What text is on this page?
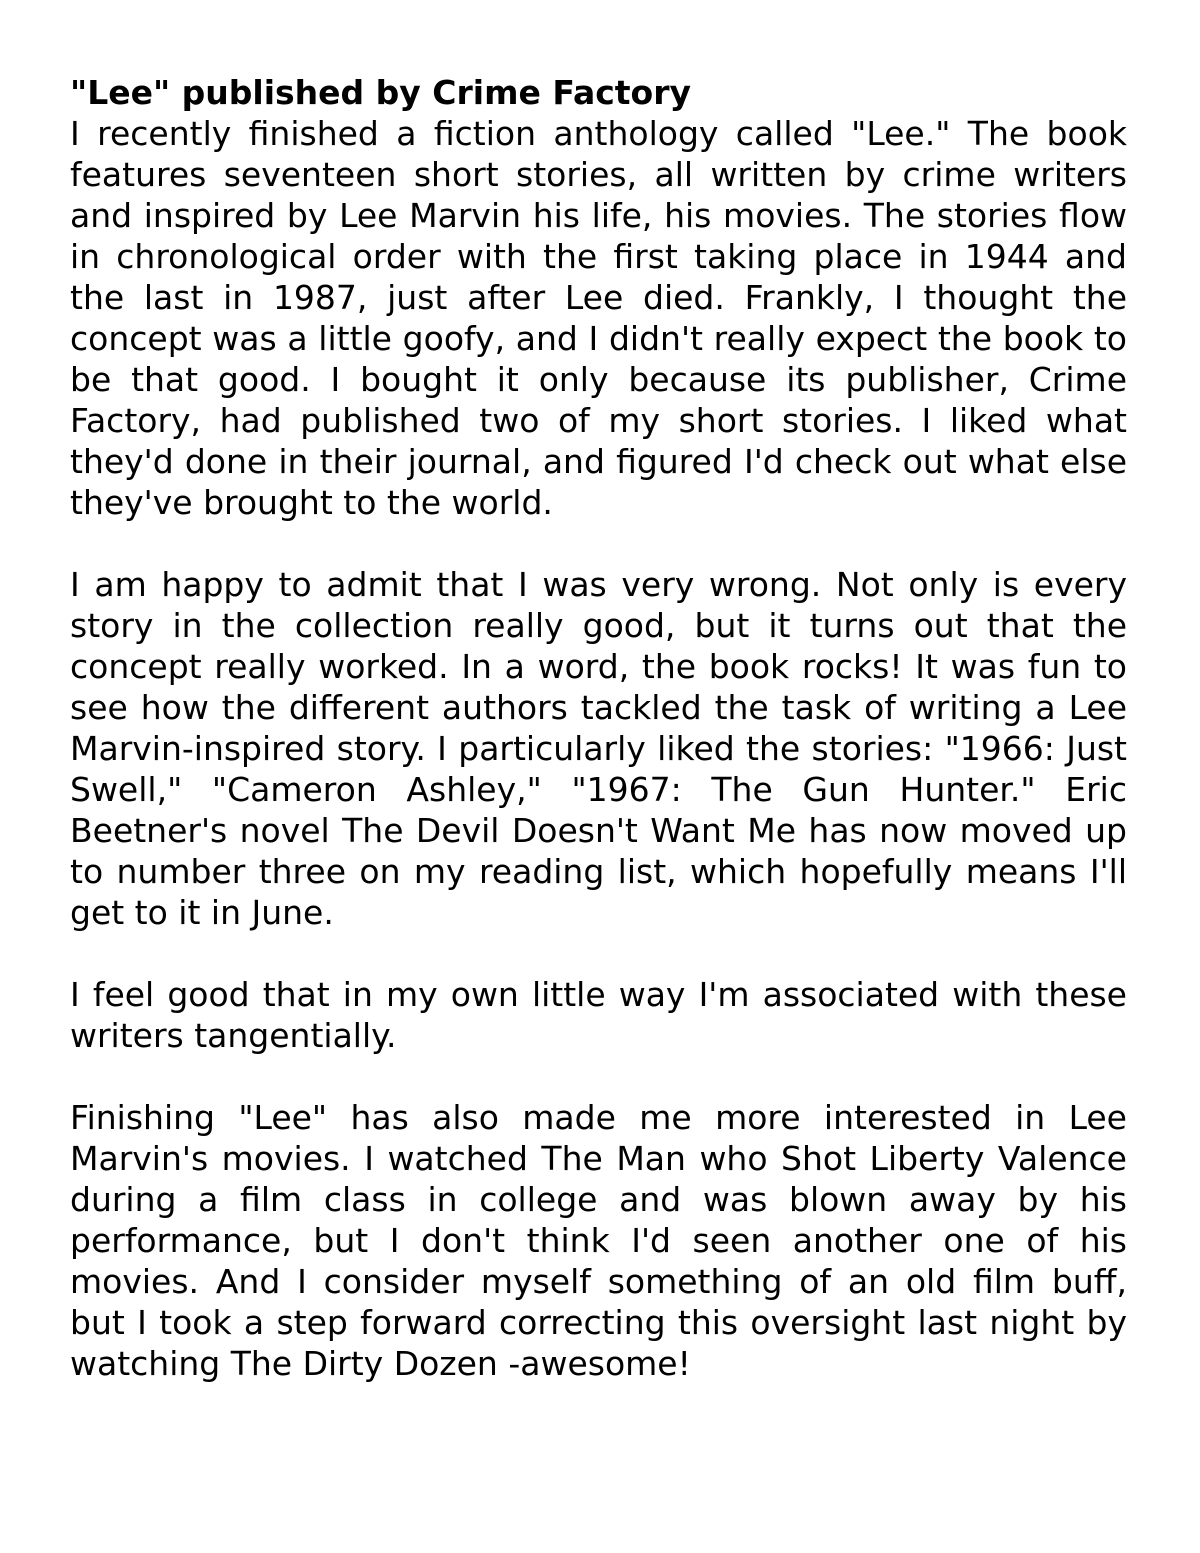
"Lee" published by Crime Factory

I recently finished a fiction anthology called "Lee." The book features seventeen short stories, all written by crime writers and inspired by Lee Marvin his life, his movies. The stories flow in chronological order with the first taking place in 1944 and the last in 1987, just after Lee died. Frankly, I thought the concept was a little goofy, and I didn't really expect the book to be that good. I bought it only because its publisher, Crime Factory, had published two of my short stories. I liked what they'd done in their journal, and figured I'd check out what else they've brought to the world.

I am happy to admit that I was very wrong. Not only is every story in the collection really good, but it turns out that the concept really worked. In a word, the book rocks! It was fun to see how the different authors tackled the task of writing a Lee Marvin-inspired story. I particularly liked the stories: "1966: Just Swell," "Cameron Ashley," "1967: The Gun Hunter." Eric Beetner's novel The Devil Doesn't Want Me has now moved up to number three on my reading list, which hopefully means I'll get to it in June.

I feel good that in my own little way I'm associated with these writers tangentially.

Finishing "Lee" has also made me more interested in Lee Marvin's movies. I watched The Man who Shot Liberty Valence during a film class in college and was blown away by his performance, but I don't think I'd seen another one of his movies. And I consider myself something of an old film buff, but I took a step forward correcting this oversight last night by watching The Dirty Dozen -awesome!
